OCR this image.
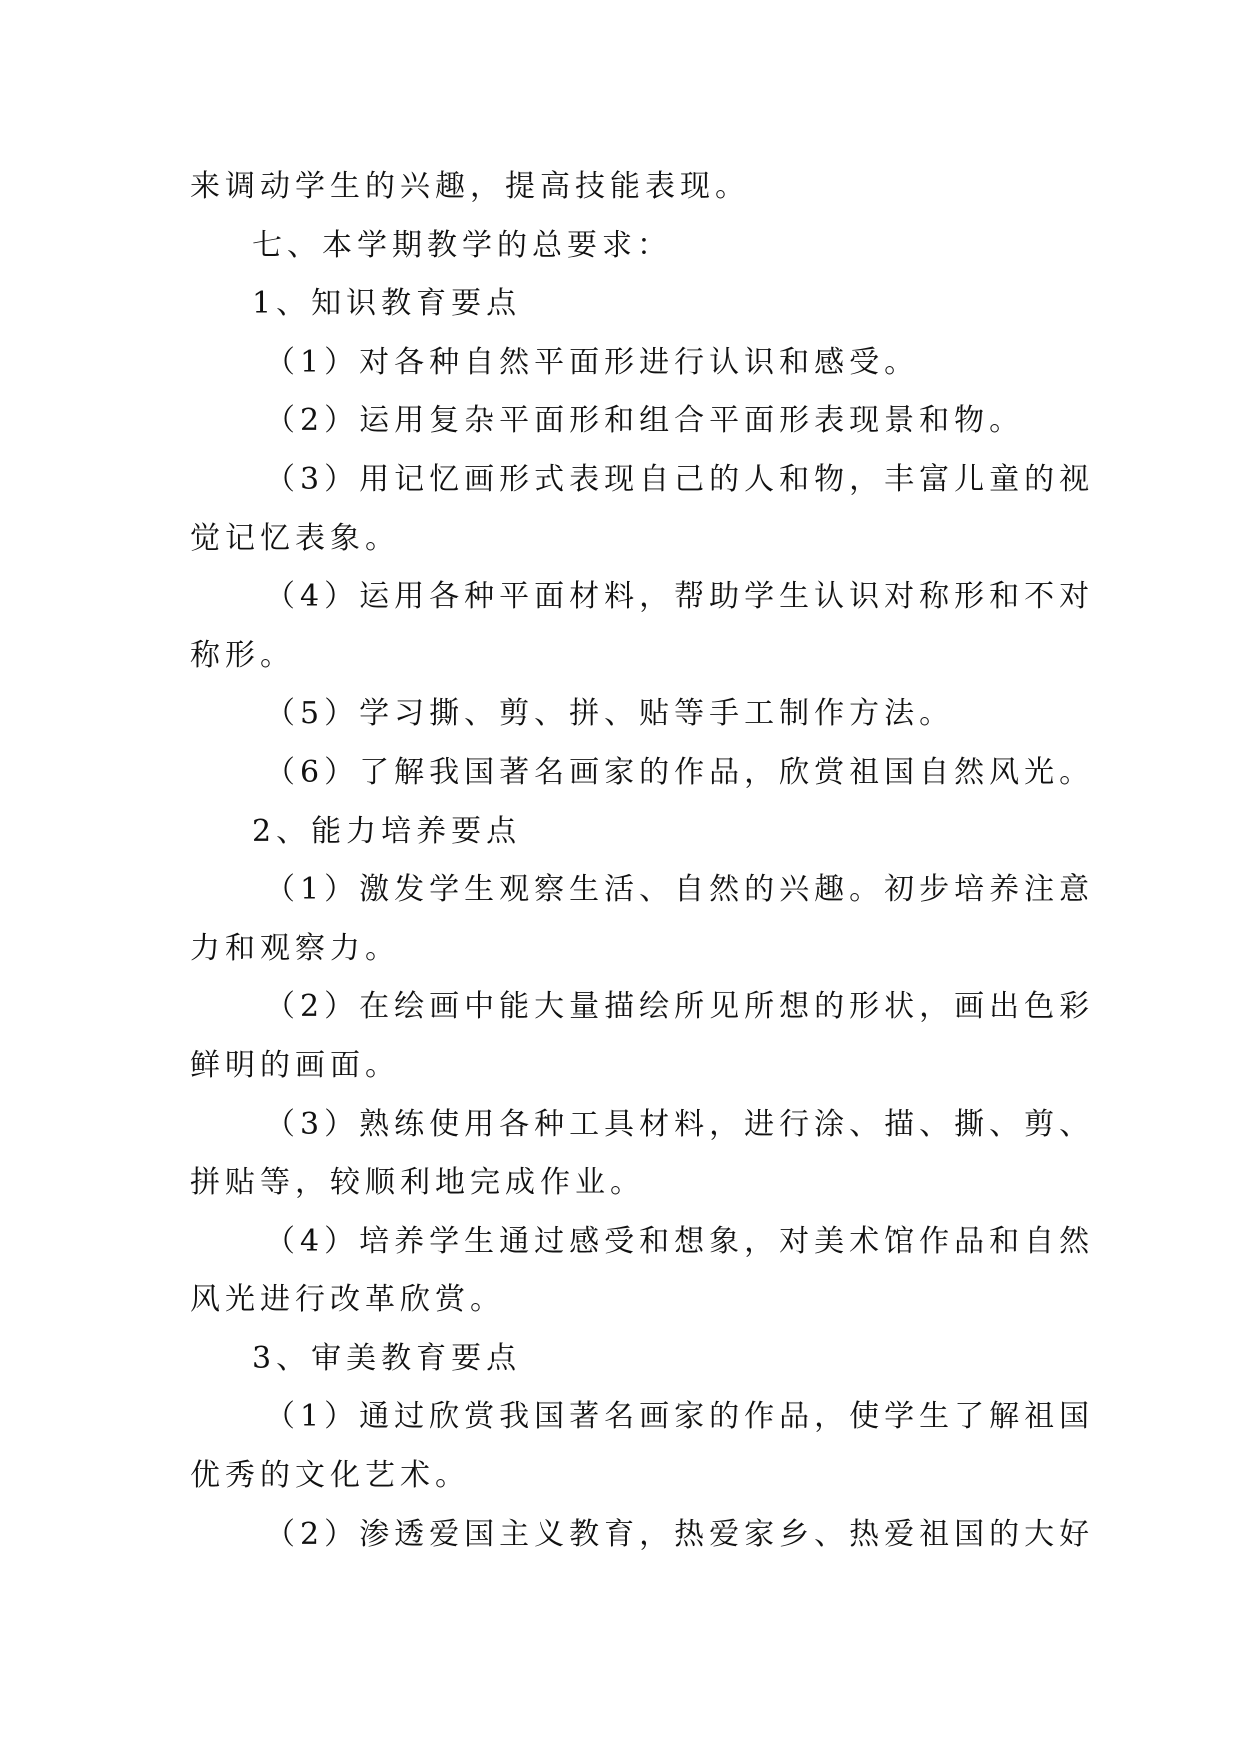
来调动学生的兴趣，提高技能表现。

七、本学期教学的总要求：

1、知识教育要点

（1）对各种自然平面形进行认识和感受。

（2）运用复杂平面形和组合平面形表现景和物。

（3）用记忆画形式表现自己的人和物，丰富儿童的视

觉记忆表象。

（4）运用各种平面材料，帮助学生认识对称形和不对

称形。

（5）学习撕、剪、拼、贴等手工制作方法。

（6）了解我国著名画家的作品，欣赏祖国自然风光。

2、能力培养要点

（1）激发学生观察生活、自然的兴趣。初步培养注意

力和观察力。

（2）在绘画中能大量描绘所见所想的形状，画出色彩

鲜明的画面。

（3）熟练使用各种工具材料，进行涂、描、撕、剪、

拼贴等，较顺利地完成作业。

（4）培养学生通过感受和想象，对美术馆作品和自然

风光进行改革欣赏。

3、审美教育要点

（1）通过欣赏我国著名画家的作品，使学生了解祖国

优秀的文化艺术。

（2）渗透爱国主义教育，热爱家乡、热爱祖国的大好
